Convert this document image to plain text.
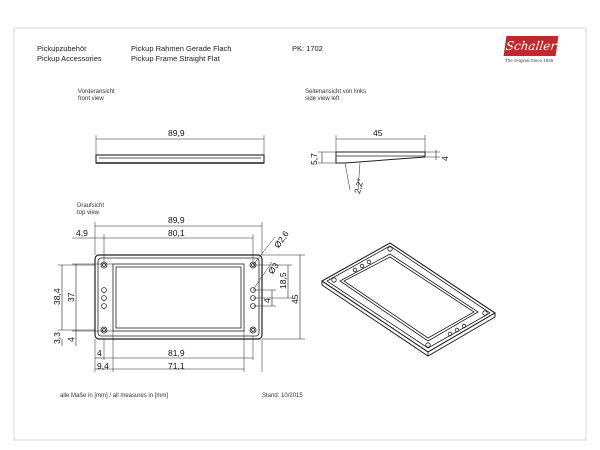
Pickupzubehör
Pickup Accessories
Pickup Rahmen Gerade Flach
Pickup Frame Straight Flat
PK: 1702	Schaller
The Original Since 1945
Vorderansicht
front view
Seitenansicht von links
side view left
Draufsicht
top view
89,9	45
5,7	4
2,2°
89,9
80,1
4,9	Ø2,6
Ø3
18,5
45
4
38,4 37
3,3 4
4	81,9
9,4	71,1
alle Maße in [mm] / all measures in [mm]	Stand: 10/2015
